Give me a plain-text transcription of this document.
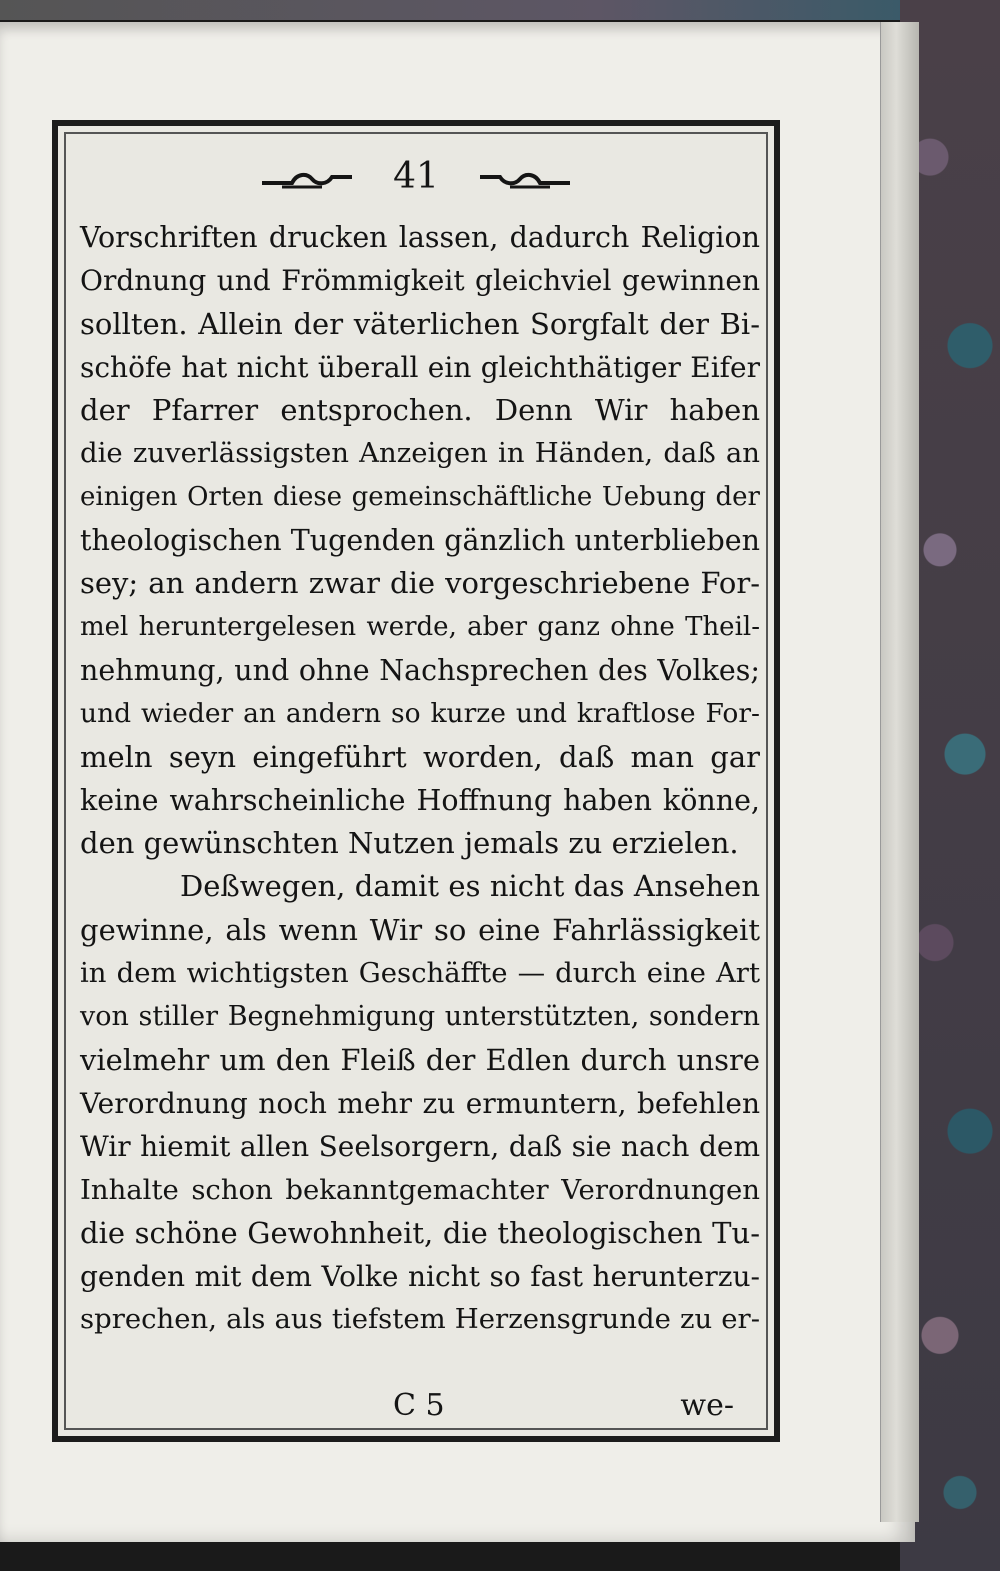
41
Vorschriften drucken lassen, dadurch Religion
Ordnung und Frömmigkeit gleichviel gewinnen
sollten. Allein der väterlichen Sorgfalt der Bi-
schöfe hat nicht überall ein gleichthätiger Eifer
der Pfarrer entsprochen. Denn Wir haben
die zuverlässigsten Anzeigen in Händen, daß an
einigen Orten diese gemeinschäftliche Uebung der
theologischen Tugenden gänzlich unterblieben
sey; an andern zwar die vorgeschriebene For-
mel heruntergelesen werde, aber ganz ohne Theil-
nehmung, und ohne Nachsprechen des Volkes;
und wieder an andern so kurze und kraftlose For-
meln seyn eingeführt worden, daß man gar
keine wahrscheinliche Hoffnung haben könne,
den gewünschten Nutzen jemals zu erzielen.
Deßwegen, damit es nicht das Ansehen
gewinne, als wenn Wir so eine Fahrlässigkeit
in dem wichtigsten Geschäffte — durch eine Art
von stiller Begnehmigung unterstützten, sondern
vielmehr um den Fleiß der Edlen durch unsre
Verordnung noch mehr zu ermuntern, befehlen
Wir hiemit allen Seelsorgern, daß sie nach dem
Inhalte schon bekanntgemachter Verordnungen
die schöne Gewohnheit, die theologischen Tu-
genden mit dem Volke nicht so fast herunterzu-
sprechen, als aus tiefstem Herzensgrunde zu er-
C 5	we-
